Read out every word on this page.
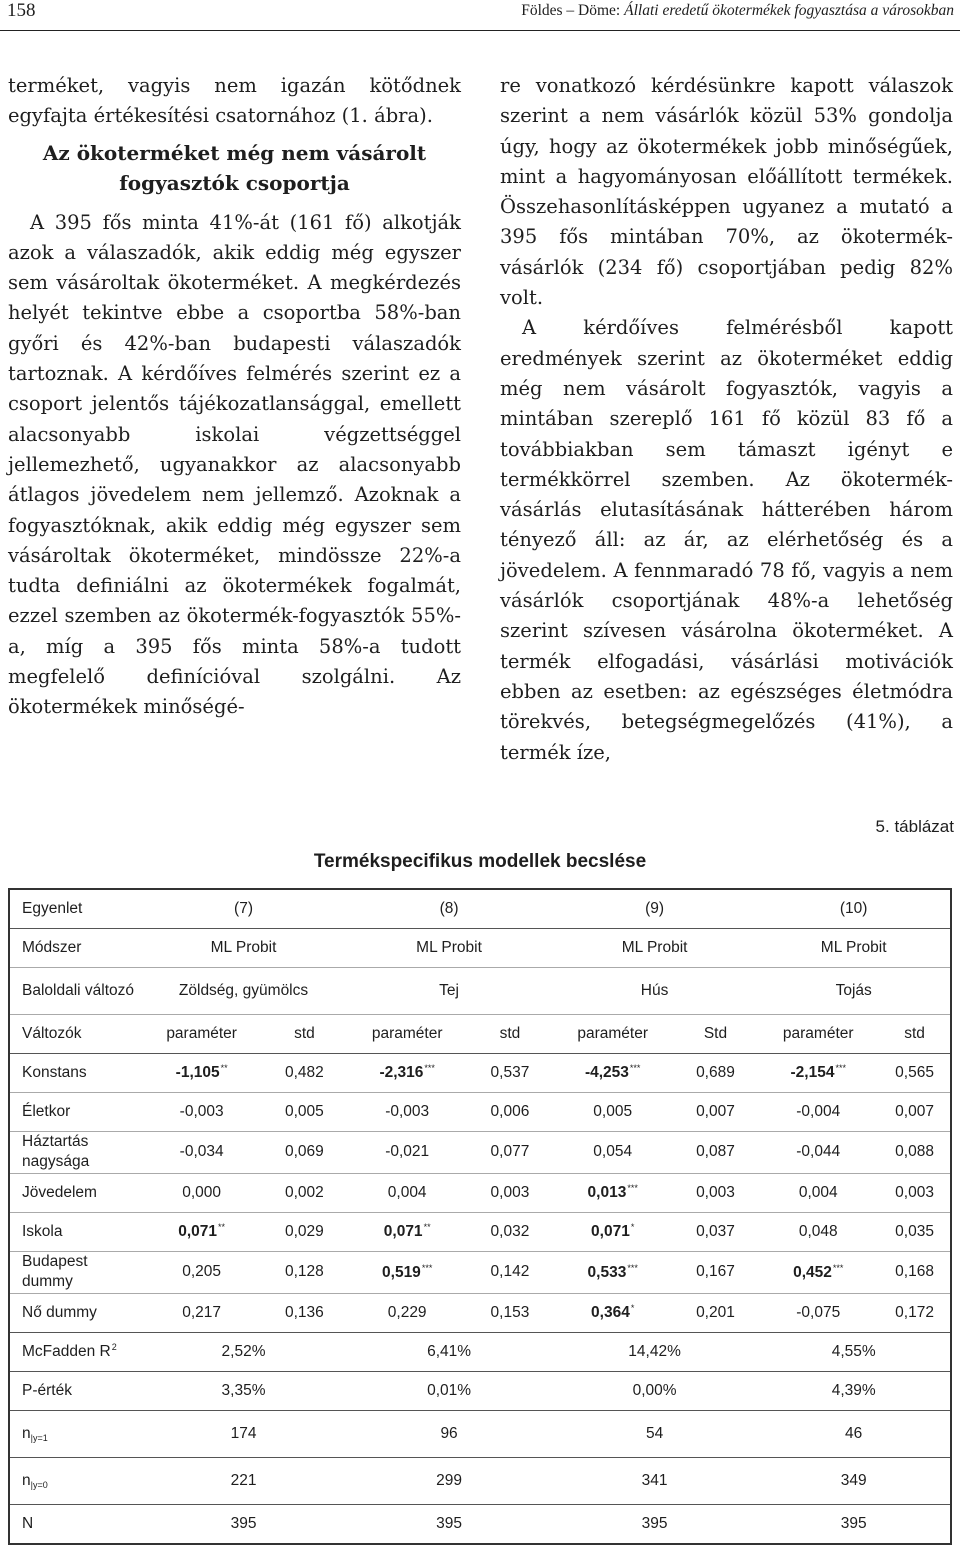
158	Földes – Döme: Állati eredetű ökotermékek fogyasztása a városokban

terméket, vagyis nem igazán kötődnek egyfajta értékesítési csatornához (1. ábra).

Az ökoterméket még nem vásárolt fogyasztók csoportja

A 395 fős minta 41%-át (161 fő) alkotják azok a válaszadók, akik eddig még egyszer sem vásároltak ökoterméket. A megkérdezés helyét tekintve ebbe a csoportba 58%-ban győri és 42%-ban budapesti válaszadók tartoznak. A kérdőíves felmérés szerint ez a csoport jelentős tájékozatlansággal, emellett alacsonyabb iskolai végzettséggel jellemezhető, ugyanakkor az alacsonyabb átlagos jövedelem nem jellemző. Azoknak a fogyasztóknak, akik eddig még egyszer sem vásároltak ökoterméket, mindössze 22%-a tudta definiálni az ökotermékek fogalmát, ezzel szemben az ökotermék-fogyasztók 55%-a, míg a 395 fős minta 58%-a tudott megfelelő definícióval szolgálni. Az ökotermékek minőségé-

re vonatkozó kérdésünkre kapott válaszok szerint a nem vásárlók közül 53% gondolja úgy, hogy az ökotermékek jobb minőségűek, mint a hagyományosan előállított termékek. Összehasonlításképpen ugyanez a mutató a 395 fős mintában 70%, az ökotermék-vásárlók (234 fő) csoportjában pedig 82% volt.

A kérdőíves felmérésből kapott eredmények szerint az ökoterméket eddig még nem vásárolt fogyasztók, vagyis a mintában szereplő 161 fő közül 83 fő a továbbiakban sem támaszt igényt e termékkörrel szemben. Az ökotermék-vásárlás elutasításának hátterében három tényező áll: az ár, az elérhetőség és a jövedelem. A fennmaradó 78 fő, vagyis a nem vásárlók csoportjának 48%-a lehetőség szerint szívesen vásárolna ökoterméket. A termék elfogadási, vásárlási motivációk ebben az esetben: az egészséges életmódra törekvés, betegségmegelőzés (41%), a termék íze,

5. táblázat
Termékspecifikus modellek becslése
Egyenlet	(7)		(8)		(9)		(10)	
Módszer	ML Probit		ML Probit		ML Probit		ML Probit	
Baloldali változó	Zöldség, gyümölcs		Tej		Hús		Tojás	
Változók	paraméter	std	paraméter	std	paraméter	Std	paraméter	std
Konstans	-1,105**	0,482	-2,316***	0,537	-4,253***	0,689	-2,154***	0,565
Életkor	-0,003	0,005	-0,003	0,006	0,005	0,007	-0,004	0,007
Háztartás nagysága	-0,034	0,069	-0,021	0,077	0,054	0,087	-0,044	0,088
Jövedelem	0,000	0,002	0,004	0,003	0,013***	0,003	0,004	0,003
Iskola	0,071**	0,029	0,071**	0,032	0,071*	0,037	0,048	0,035
Budapest dummy	0,205	0,128	0,519***	0,142	0,533***	0,167	0,452***	0,168
Nő dummy	0,217	0,136	0,229	0,153	0,364*	0,201	-0,075	0,172
McFadden $R^2$	2,52%		6,41%		14,42%		4,55%	
P-érték	3,35%		0,01%		0,00%		4,39%	
$n_{|y=1}$	174		96		54		46	
$n_{|y=0}$	221		299		341		349	
N	395		395		395		395	
